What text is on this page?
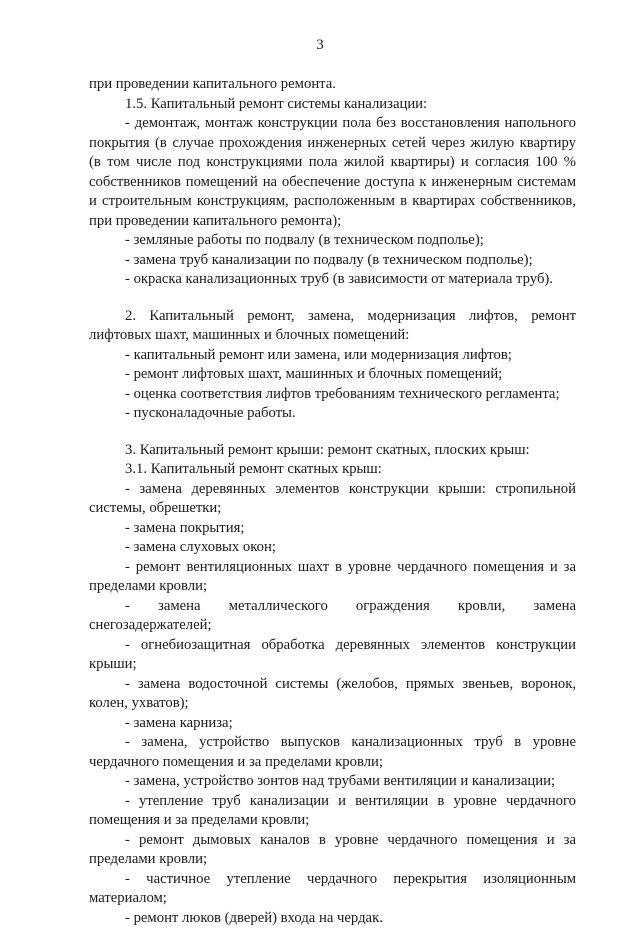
3

при проведении капитального ремонта.

1.5. Капитальный ремонт системы канализации:

- демонтаж, монтаж конструкции пола без восстановления напольного покрытия (в случае прохождения инженерных сетей через жилую квартиру (в том числе под конструкциями пола жилой квартиры) и согласия 100 % собственников помещений на обеспечение доступа к инженерным системам и строительным конструкциям, расположенным в квартирах собственников, при проведении капитального ремонта);

- земляные работы по подвалу (в техническом подполье);

- замена труб канализации по подвалу (в техническом подполье);

- окраска канализационных труб (в зависимости от материала труб).

2. Капитальный ремонт, замена, модернизация лифтов, ремонт лифтовых шахт, машинных и блочных помещений:

- капитальный ремонт или замена, или модернизация лифтов;

- ремонт лифтовых шахт, машинных и блочных помещений;

- оценка соответствия лифтов требованиям технического регламента;

- пусконаладочные работы.

3. Капитальный ремонт крыши: ремонт скатных, плоских крыш:

3.1. Капитальный ремонт скатных крыш:

- замена деревянных элементов конструкции крыши: стропильной системы, обрешетки;

- замена покрытия;

- замена слуховых окон;

- ремонт вентиляционных шахт в уровне чердачного помещения и за пределами кровли;

- замена металлического ограждения кровли, замена снегозадержателей;

- огнебиозащитная обработка деревянных элементов конструкции крыши;

- замена водосточной системы (желобов, прямых звеньев, воронок, колен, ухватов);

- замена карниза;

- замена, устройство выпусков канализационных труб в уровне чердачного помещения и за пределами кровли;

- замена, устройство зонтов над трубами вентиляции и канализации;

- утепление труб канализации и вентиляции в уровне чердачного помещения и за пределами кровли;

- ремонт дымовых каналов в уровне чердачного помещения и за пределами кровли;

- частичное утепление чердачного перекрытия изоляционным материалом;

- ремонт люков (дверей) входа на чердак.
